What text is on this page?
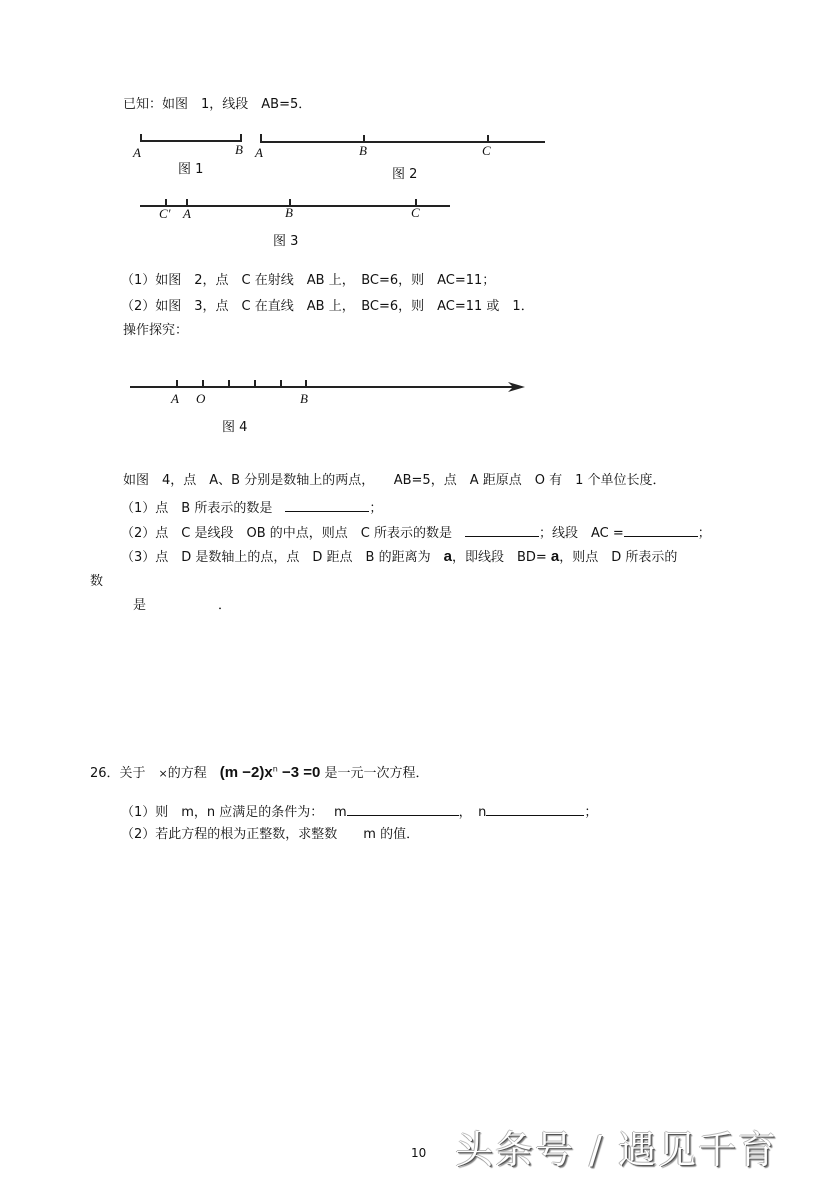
已知：如图　1，线段　AB=5．
A	B
图 1
A	B	C
图 2
C′ A	B	C
图 3
（1）如图　2，点　C 在射线　AB 上，　BC=6，则　AC=11；
（2）如图　3，点　C 在直线　AB 上，　BC=6，则　AC=11 或　1．
操作探究：
A O	B
图 4
如图　4，点　A、B 分别是数轴上的两点，　　AB=5，点　A 距原点　O 有　1 个单位长度．
（1）点　B 所表示的数是　	；
（2）点　C 是线段　OB 的中点，则点　C 所表示的数是　	；线段　AC =	；
（3）点　D 是数轴上的点，点　D 距点　B 的距离为　a，即线段　BD= a，则点　D 所表示的
数
是	．
26．关于　×的方程　$(m -2)x^n -3 =0$ 是一元一次方程．
（1）则　m，n 应满足的条件为：　 m	，　n	；
（2）若此方程的根为正整数，求整数　　m 的值．
10 头条号 / 遇见千育
